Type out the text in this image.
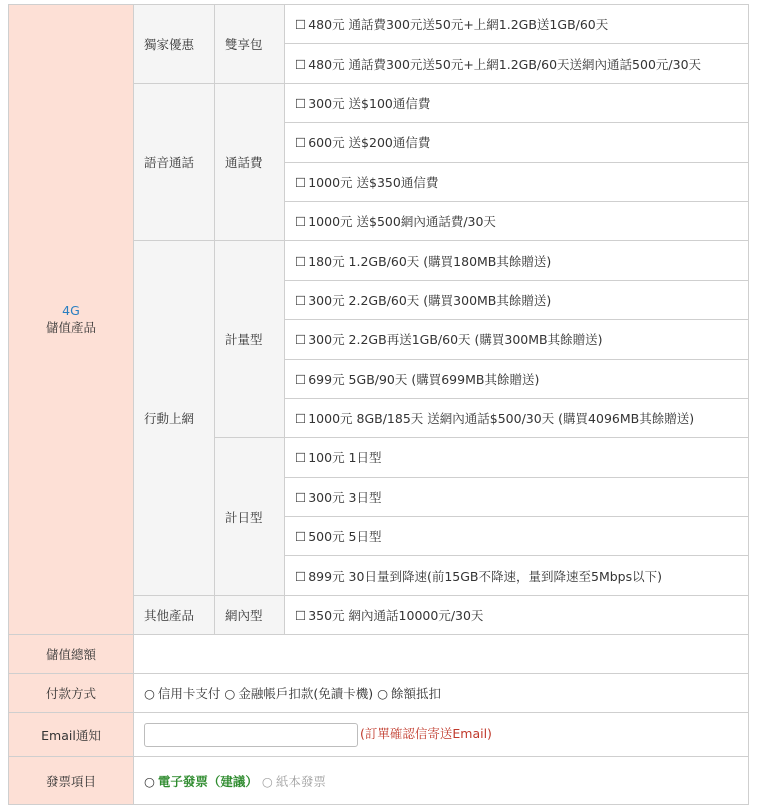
4G
儲值產品	獨家優惠	雙享包	☐ 480元 通話費300元送50元+上網1.2GB送1GB/60天
			☐ 480元 通話費300元送50元+上網1.2GB/60天送網內通話500元/30天
	語音通話	通話費	☐ 300元 送$100通信費
			☐ 600元 送$200通信費
			☐ 1000元 送$350通信費
			☐ 1000元 送$500網內通話費/30天
	行動上網	計量型	☐ 180元 1.2GB/60天 (購買180MB其餘贈送)
			☐ 300元 2.2GB/60天 (購買300MB其餘贈送)
			☐ 300元 2.2GB再送1GB/60天 (購買300MB其餘贈送)
			☐ 699元 5GB/90天 (購買699MB其餘贈送)
			☐ 1000元 8GB/185天 送網內通話$500/30天 (購買4096MB其餘贈送)
		計日型	☐ 100元 1日型
			☐ 300元 3日型
			☐ 500元 5日型
			☐ 899元 30日量到降速(前15GB不降速，量到降速至5Mbps以下)
	其他產品	網內型	☐ 350元 網內通話10000元/30天
儲值總額			
付款方式	○ 信用卡支付 ○ 金融帳戶扣款(免讀卡機) ○ 餘額抵扣		
Email通知	(訂單確認信寄送Email)		
發票項目	○ 電子發票（建議） ○ 紙本發票		
